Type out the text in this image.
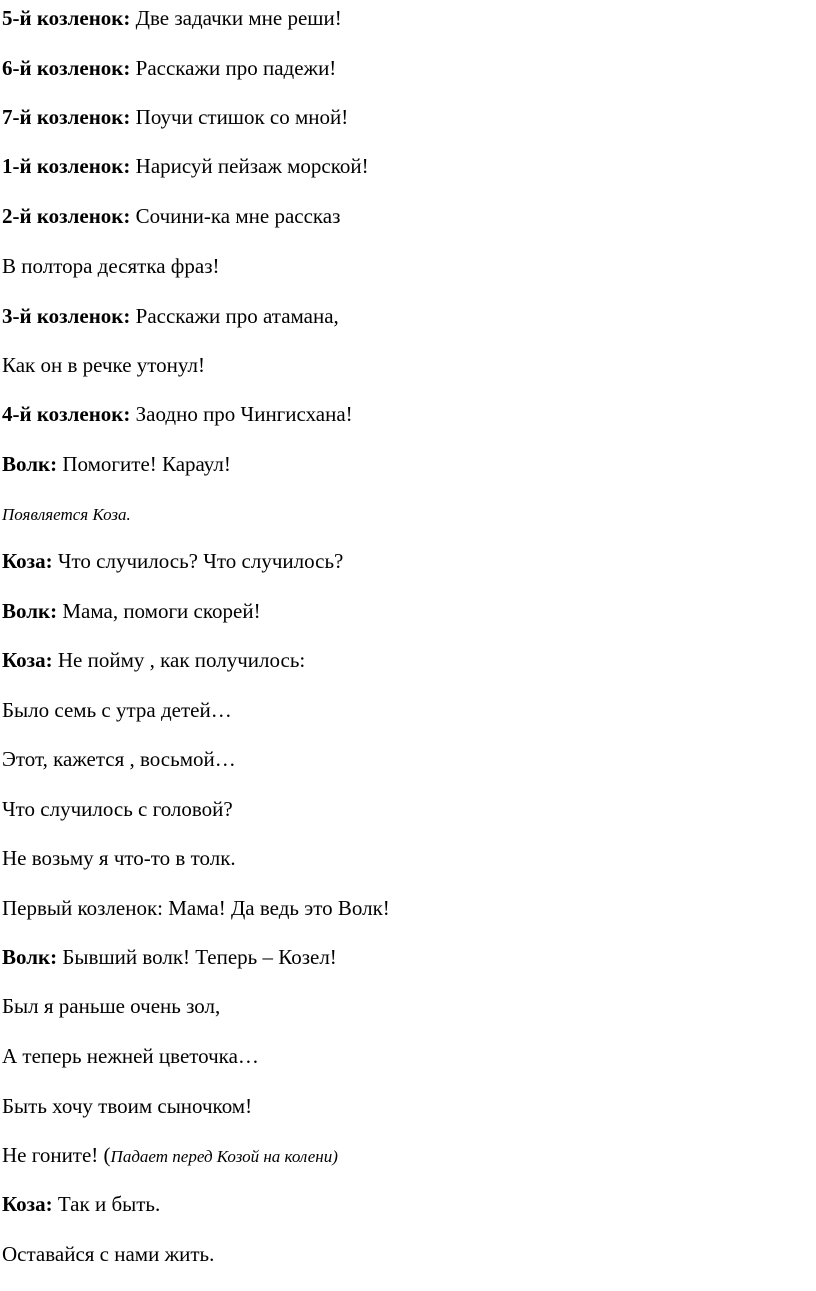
5-й козленок: Две задачки мне реши!
6-й козленок: Расскажи про падежи!
7-й козленок: Поучи стишок со мной!
1-й козленок: Нарисуй пейзаж морской!
2-й козленок: Сочини-ка мне рассказ
В полтора десятка фраз!
3-й козленок: Расскажи про атамана,
Как он в речке утонул!
4-й козленок: Заодно про Чингисхана!
Волк: Помогите! Караул!
Появляется Коза.
Коза: Что случилось? Что случилось?
Волк: Мама, помоги скорей!
Коза: Не пойму , как получилось:
Было семь с утра детей…
Этот, кажется , восьмой…
Что случилось с головой?
Не возьму я что-то в толк.
Первый козленок: Мама! Да ведь это Волк!
Волк: Бывший волк! Теперь – Козел!
Был я раньше очень зол,
А теперь нежней цветочка…
Быть хочу твоим сыночком!
Не гоните! (Падает перед Козой на колени)
Коза: Так и быть.
Оставайся с нами жить.
